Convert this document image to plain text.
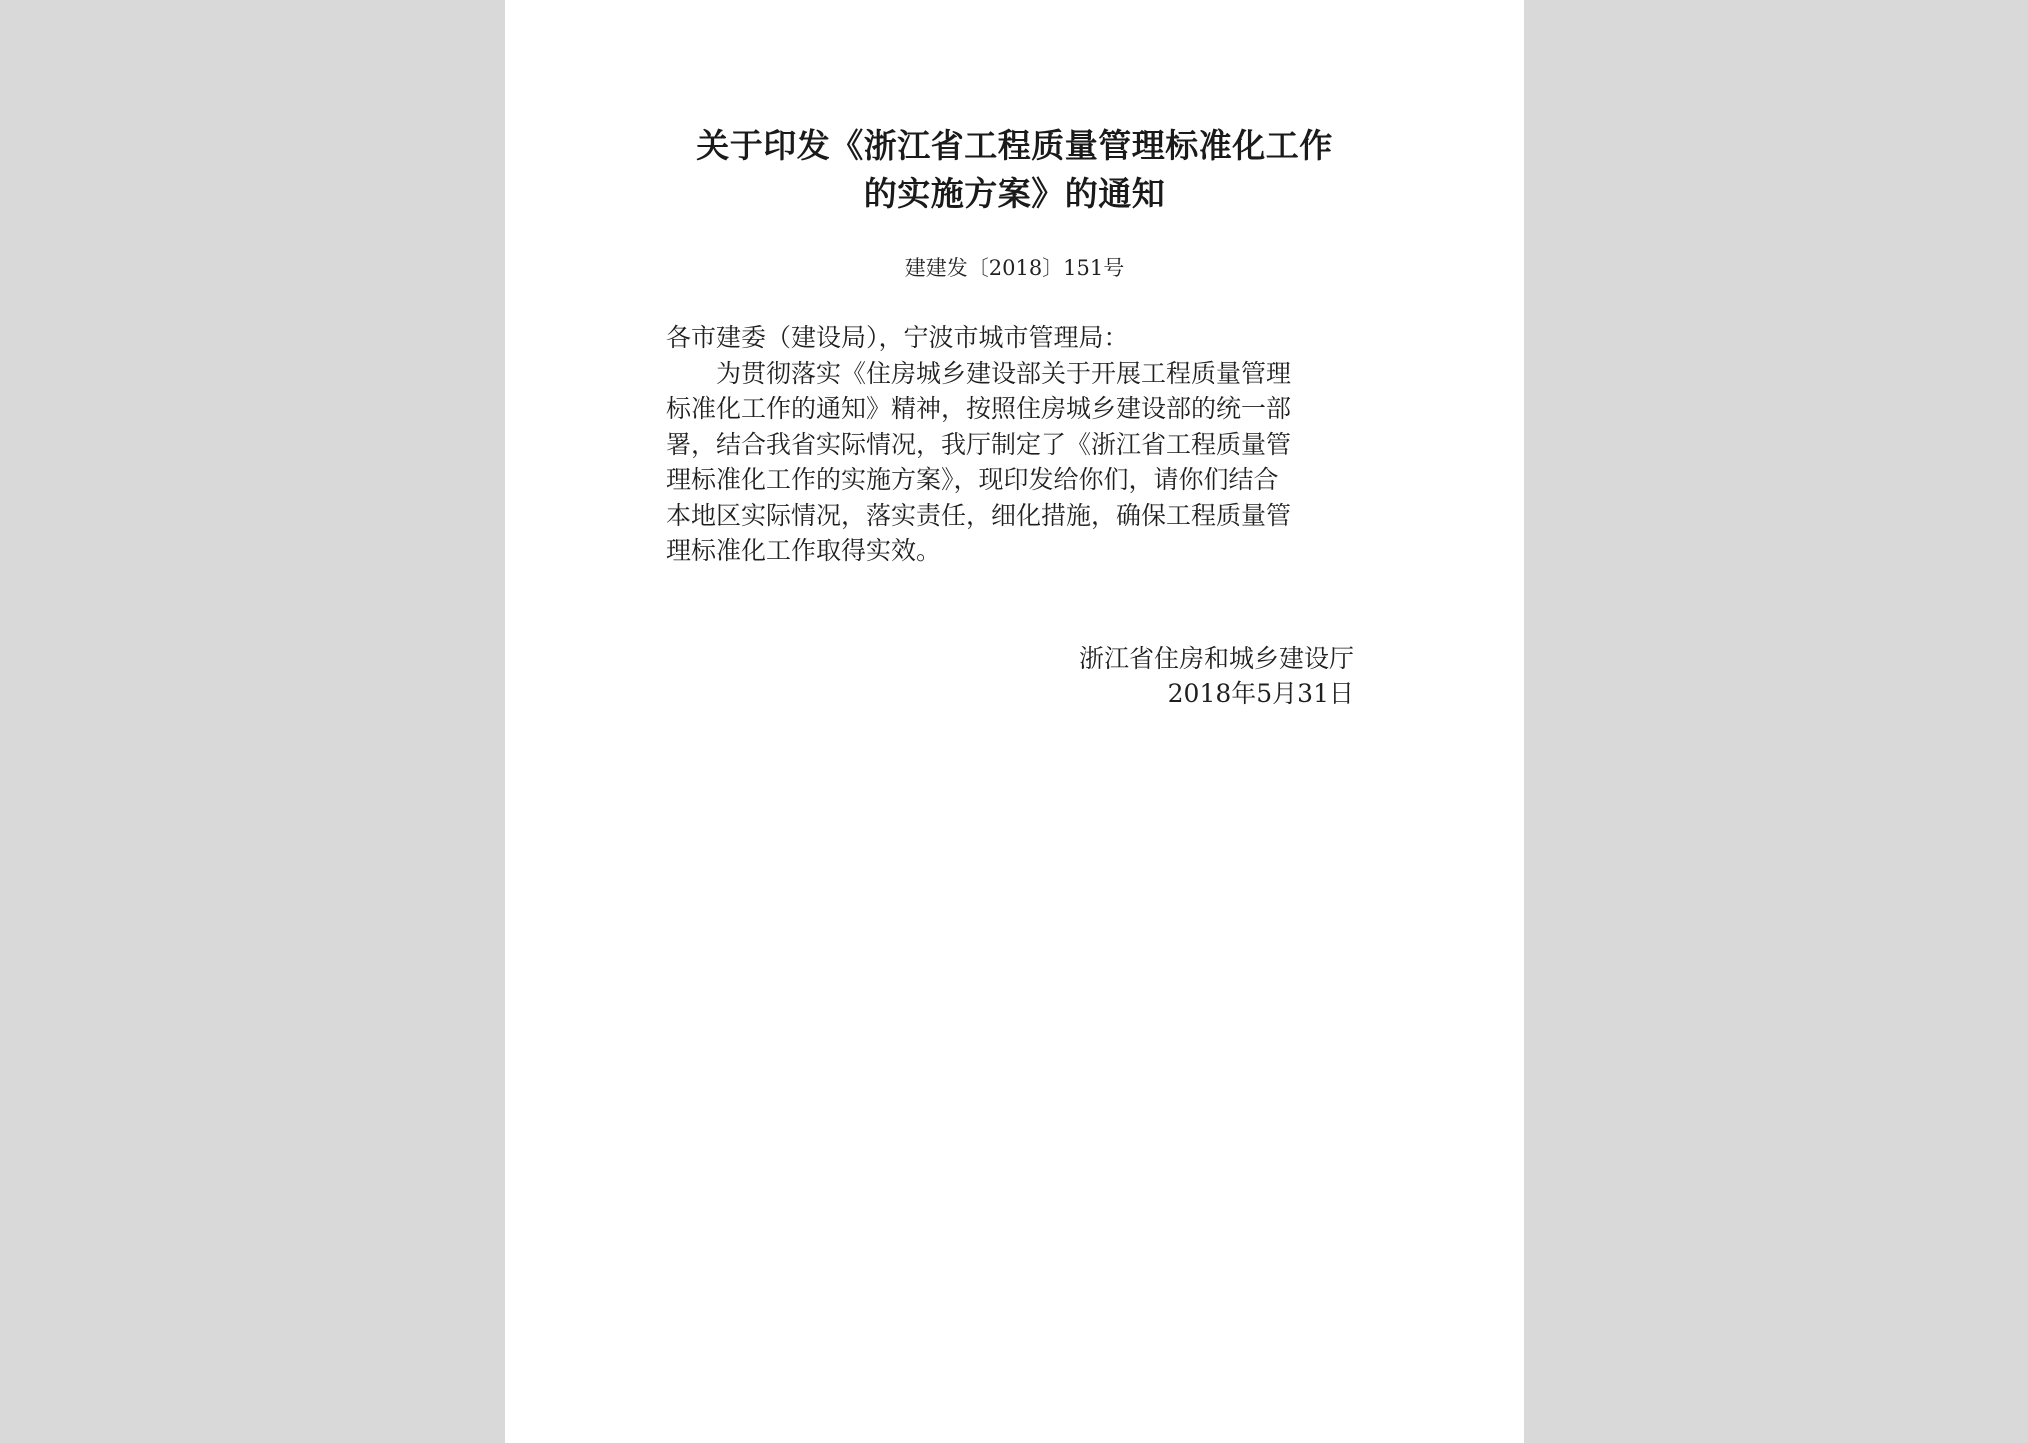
关于印发《浙江省工程质量管理标准化工作
的实施方案》的通知
建建发〔2018〕151号
各市建委（建设局），宁波市城市管理局：
为贯彻落实《住房城乡建设部关于开展工程质量管理
标准化工作的通知》精神，按照住房城乡建设部的统一部
署，结合我省实际情况，我厅制定了《浙江省工程质量管
理标准化工作的实施方案》，现印发给你们，请你们结合
本地区实际情况，落实责任，细化措施，确保工程质量管
理标准化工作取得实效。
浙江省住房和城乡建设厅
2018年5月31日
